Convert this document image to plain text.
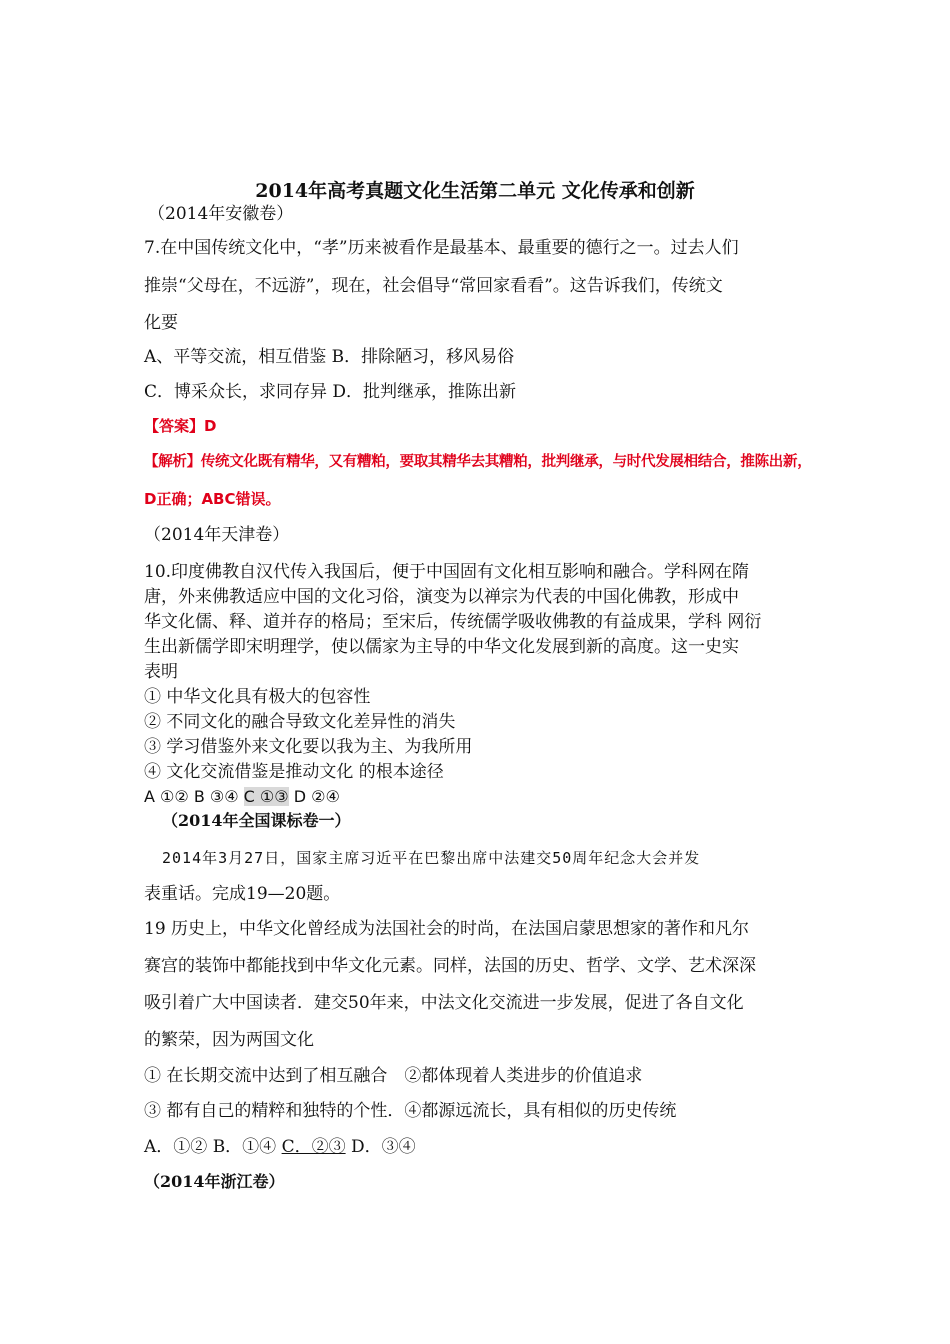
2014年高考真题文化生活第二单元 文化传承和创新
（2014年安徽卷）
7.在中国传统文化中，“孝”历来被看作是最基本、最重要的德行之一。过去人们
推崇“父母在，不远游”，现在，社会倡导“常回家看看”。这告诉我们，传统文
化要
A、平等交流，相互借鉴 B．排除陋习，移风易俗
C．博采众长，求同存异 D．批判继承，推陈出新
【答案】D
【解析】传统文化既有精华，又有糟粕，要取其精华去其糟粕，批判继承，与时代发展相结合，推陈出新，
D正确；ABC错误。
（2014年天津卷）
10.印度佛教自汉代传入我国后，便于中国固有文化相互影响和融合。学科网在隋
唐，外来佛教适应中国的文化习俗，演变为以禅宗为代表的中国化佛教，形成中
华文化儒、释、道并存的格局；至宋后，传统儒学吸收佛教的有益成果，学科 网衍
生出新儒学即宋明理学，使以儒家为主导的中华文化发展到新的高度。这一史实
表明
① 中华文化具有极大的包容性
② 不同文化的融合导致文化差异性的消失
③ 学习借鉴外来文化要以我为主、为我所用
④ 文化交流借鉴是推动文化 的根本途径
A ①② B ③④ C ①③ D ②④
（2014年全国课标卷一）
2014年3月27日，国家主席习近平在巴黎出席中法建交50周年纪念大会并发
表重话。完成19—20题。
19 历史上，中华文化曾经成为法国社会的时尚，在法国启蒙思想家的著作和凡尔
赛宫的装饰中都能找到中华文化元素。同样，法国的历史、哲学、文学、艺术深深
吸引着广大中国读者．建交50年来，中法文化交流进一步发展，促进了各自文化
的繁荣，因为两国文化
① 在长期交流中达到了相互融合　②都体现着人类进步的价值追求
③ 都有自己的精粹和独特的个性．④都源远流长，具有相似的历史传统
A．①② B．①④ C．②③ D．③④
（2014年浙江卷）
